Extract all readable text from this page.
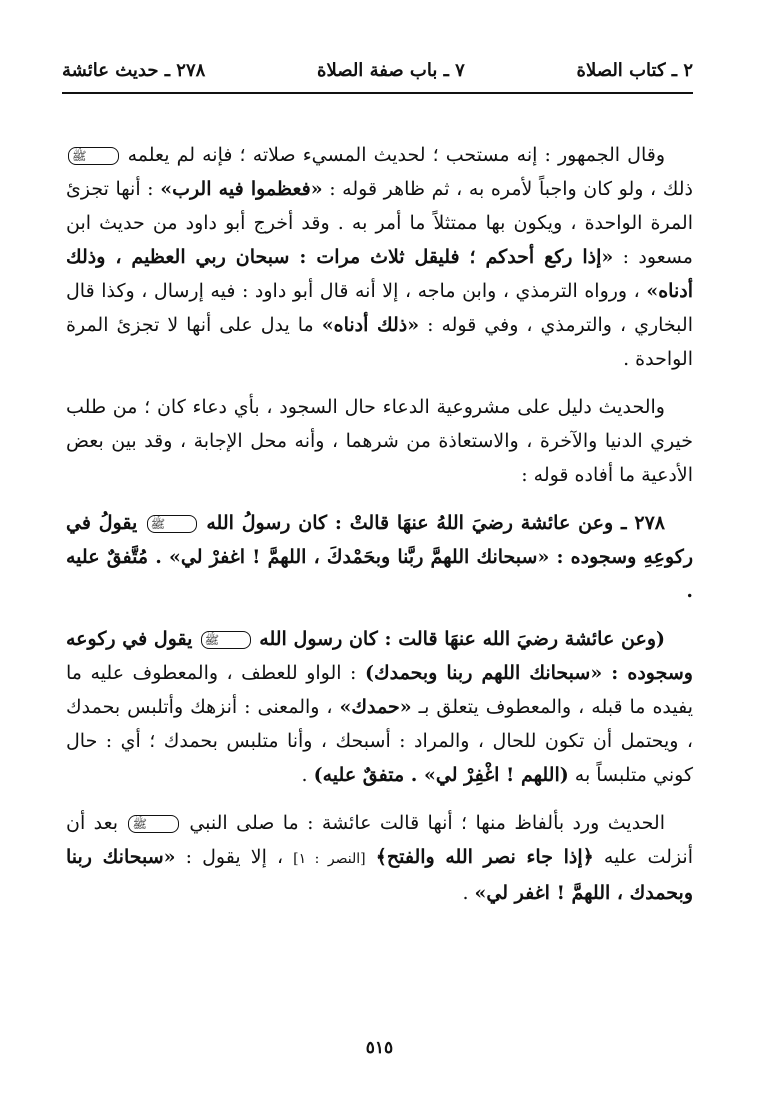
٢ ـ كتاب الصلاة
٧ ـ باب صفة الصلاة
٢٧٨ ـ حديث عائشة

وقال الجمهور : إنه مستحب ؛ لحديث المسيء صلاته ؛ فإنه لم يعلمه ﷺ ذلك ، ولو كان واجباً لأمره به ، ثم ظاهر قوله : «فعظموا فيه الرب» : أنها تجزئ المرة الواحدة ، ويكون بها ممتثلاً ما أمر به . وقد أخرج أبو داود من حديث ابن مسعود : «إذا ركع أحدكم ؛ فليقل ثلاث مرات : سبحان ربي العظيم ، وذلك أدناه» ، ورواه الترمذي ، وابن ماجه ، إلا أنه قال أبو داود : فيه إرسال ، وكذا قال البخاري ، والترمذي ، وفي قوله : «ذلك أدناه» ما يدل على أنها لا تجزئ المرة الواحدة .

والحديث دليل على مشروعية الدعاء حال السجود ، بأي دعاء كان ؛ من طلب خيري الدنيا والآخرة ، والاستعاذة من شرهما ، وأنه محل الإجابة ، وقد بين بعض الأدعية ما أفاده قوله :

٢٧٨ ـ وعن عائشة رضيَ اللهُ عنهَا قالتْ : كان رسولُ الله ﷺ يقولُ في ركوعِهِ وسجوده : «سبحانك اللهمَّ ربَّنا وبحَمْدكَ ، اللهمَّ ! اغفرْ لي» . مُتَّفقٌ عليه .

(وعن عائشة رضيَ الله عنهَا قالت : كان رسول الله ﷺ يقول في ركوعه وسجوده : «سبحانك اللهم ربنا وبحمدك) : الواو للعطف ، والمعطوف عليه ما يفيده ما قبله ، والمعطوف يتعلق بـ «حمدك» ، والمعنى : أنزهك وأتلبس بحمدك ، ويحتمل أن تكون للحال ، والمراد : أسبحك ، وأنا متلبس بحمدك ؛ أي : حال كوني متلبساً به (اللهم ! اغْفِرْ لي» . متفقٌ عليه) .

الحديث ورد بألفاظ منها ؛ أنها قالت عائشة : ما صلى النبي ﷺ بعد أن أنزلت عليه ﴿إذا جاء نصر الله والفتح﴾ [النصر : ١] ، إلا يقول : «سبحانك ربنا وبحمدك ، اللهمَّ ! اغفر لي» .

٥١٥
